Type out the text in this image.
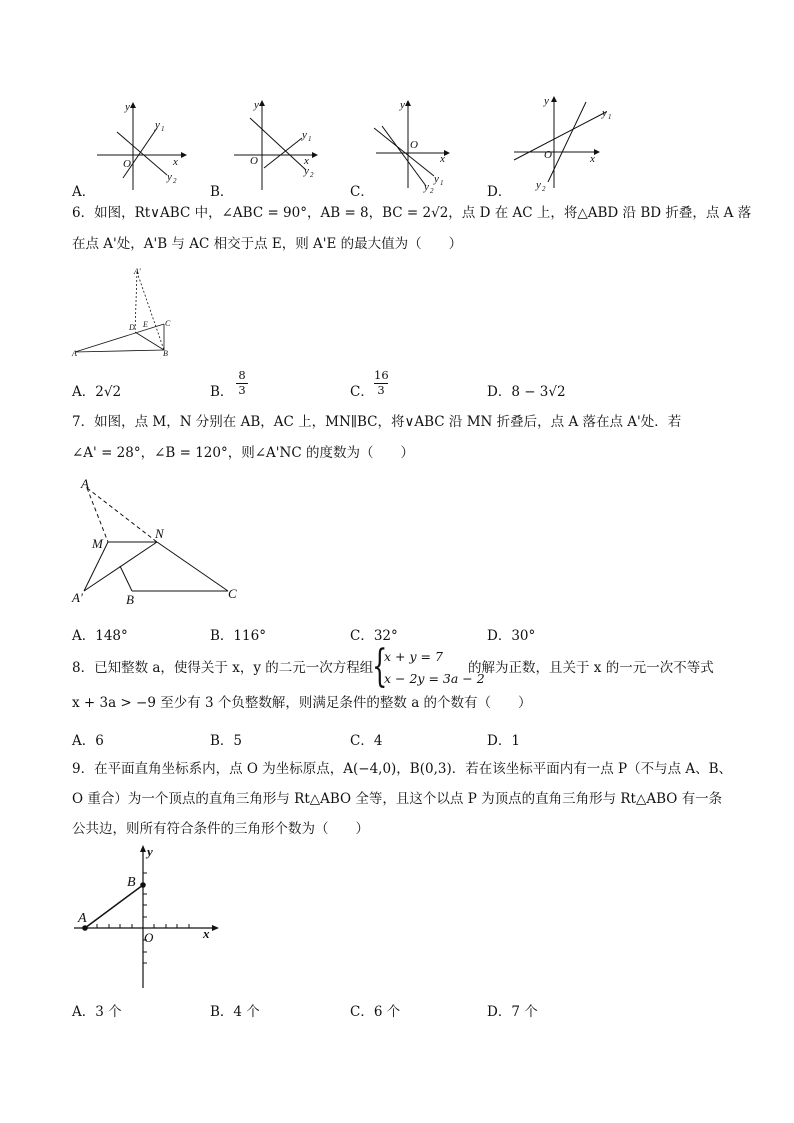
y
x
O
y 1
y 2
A．
y
x
O
y 1
y 2
B．
y
x
O
y 1
y 2
C．
y
x
O
y 1
y 2
D．
6．如图，Rt∨ABC 中，∠ABC = 90°，AB = 8，BC = 2√2，点 D 在 AC 上，将△ABD 沿 BD 折叠，点 A 落
在点 A'处，A'B 与 AC 相交于点 E，则 A'E 的最大值为（　　）
A'
D E C
A	B
A．2√2	B．
8
3	C．
16
3	D．8 − 3√2
7．如图，点 M，N 分别在 AB，AC 上，MN∥BC，将∨ABC 沿 MN 折叠后，点 A 落在点 A'处．若
∠A' = 28°，∠B = 120°，则∠A'NC 的度数为（　　）
A
M
N
A'	B	C
A．148°	B．116°	C．32°	D．30°
8．已知整数 a，使得关于 x，y 的二元一次方程组
{
x + y = 7
x − 2y = 3a − 2
的解为正数，且关于 x 的一元一次不等式
x + 3a > −9 至少有 3 个负整数解，则满足条件的整数 a 的个数有（　　）
A．6	B．5	C．4	D．1
9．在平面直角坐标系内，点 O 为坐标原点，A(−4,0)，B(0,3)．若在该坐标平面内有一点 P（不与点 A、B、
O 重合）为一个顶点的直角三角形与 Rt△ABO 全等，且这个以点 P 为顶点的直角三角形与 Rt△ABO 有一条
公共边，则所有符合条件的三角形个数为（　　）
y
B
A
O	x
A．3 个	B．4 个	C．6 个	D．7 个
